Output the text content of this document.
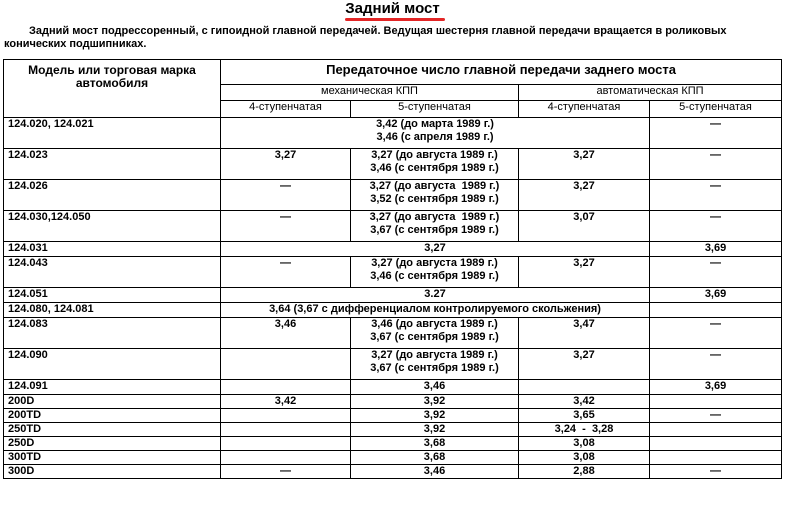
Задний мост
Задний мост подрессоренный, с гипоидной главной передачей. Ведущая шестерня главной передачи вращается в роликовых конических подшипниках.
Модель или торговая марка автомобиля	Передаточное число главной передачи заднего моста			
	механическая КПП		автоматическая КПП	
	4-ступенчатая	5-ступенчатая	4-ступенчатая	5-ступенчатая
124.020, 124.021	3,42 (до марта 1989 г.)
3,46 (с апреля 1989 г.)			—
124.023	3,27	3,27 (до августа 1989 г.)
3,46 (с сентября 1989 г.)	3,27	—
124.026	—	3,27 (до августа  1989 г.)
3,52 (с сентября 1989 г.)	3,27	—
124.030,124.050	—	3,27 (до августа  1989 г.)
3,67 (с сентября 1989 г.)	3,07	—
124.031	3,27			3,69
124.043	—	3,27 (до августа 1989 г.)
3,46 (с сентября 1989 г.)	3,27	—
124.051	3.27			3,69
124.080, 124.081	3,64 (3,67 с дифференциалом контролируемого скольжения)			
124.083	3,46	3,46 (до августа 1989 г.)
3,67 (с сентября 1989 г.)	3,47	—
124.090		3,27 (до августа 1989 г.)
3,67 (с сентября 1989 г.)	3,27	—
124.091		3,46		3,69
200D	3,42	3,92	3,42	
200TD		3,92	3,65	—
250TD		3,92	3,24  -  3,28	
250D		3,68	3,08	
300TD		3,68	3,08	
300D	—	3,46	2,88	—
